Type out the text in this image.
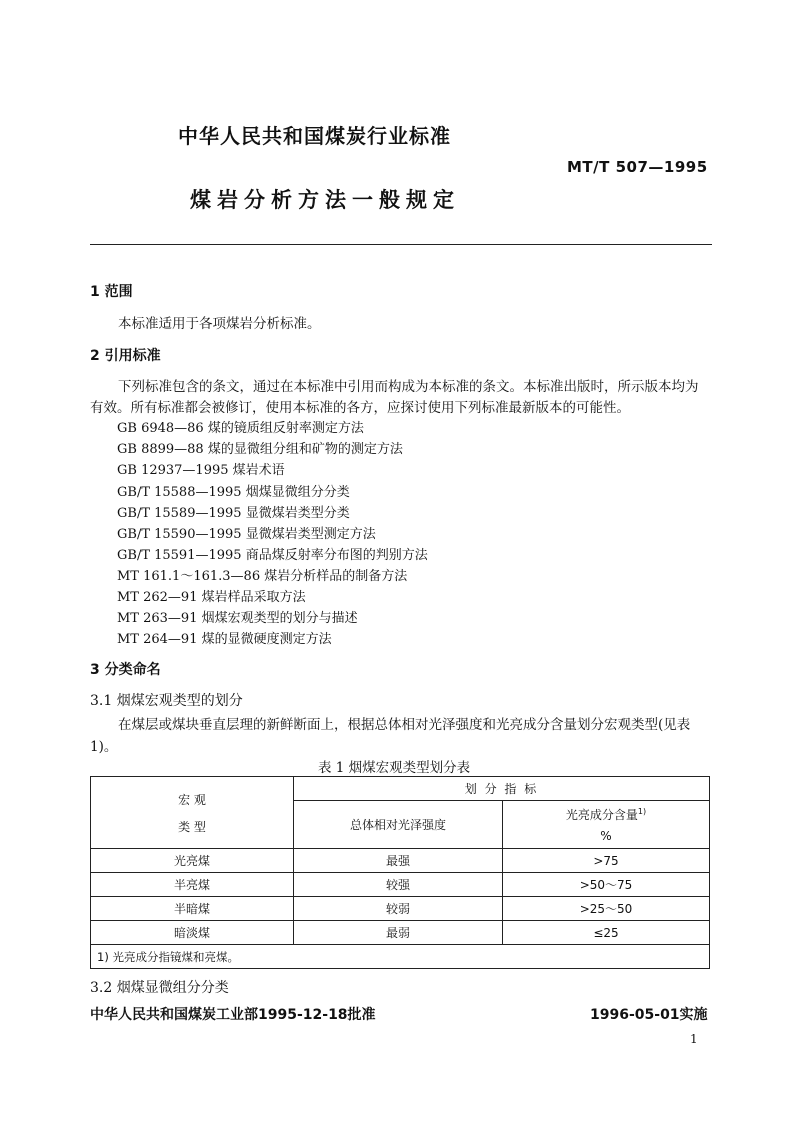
中华人民共和国煤炭行业标准
MT/T 507—1995
煤岩分析方法一般规定
1 范围
本标准适用于各项煤岩分析标准。
2 引用标准
下列标准包含的条文，通过在本标准中引用而构成为本标准的条文。本标准出版时，所示版本均为
有效。所有标准都会被修订，使用本标准的各方，应探讨使用下列标准最新版本的可能性。
GB 6948—86 煤的镜质组反射率测定方法
GB 8899—88 煤的显微组分组和矿物的测定方法
GB 12937—1995 煤岩术语
GB/T 15588—1995 烟煤显微组分分类
GB/T 15589—1995 显微煤岩类型分类
GB/T 15590—1995 显微煤岩类型测定方法
GB/T 15591—1995 商品煤反射率分布图的判别方法
MT 161.1～161.3—86 煤岩分析样品的制备方法
MT 262—91 煤岩样品采取方法
MT 263—91 烟煤宏观类型的划分与描述
MT 264—91 煤的显微硬度测定方法
3 分类命名
3.1 烟煤宏观类型的划分
在煤层或煤块垂直层理的新鲜断面上，根据总体相对光泽强度和光亮成分含量划分宏观类型(见表
1)。
表 1 烟煤宏观类型划分表
宏 观
类 型	划 分 指 标	
	总体相对光泽强度	光亮成分含量$^{1)}$
%

光亮煤	最强	>75
半亮煤	较强	>50～75
半暗煤	较弱	>25～50
暗淡煤	最弱	≤25
1) 光亮成分指镜煤和亮煤。		
3.2 烟煤显微组分分类
中华人民共和国煤炭工业部1995-12-18批准	1996-05-01实施
1
